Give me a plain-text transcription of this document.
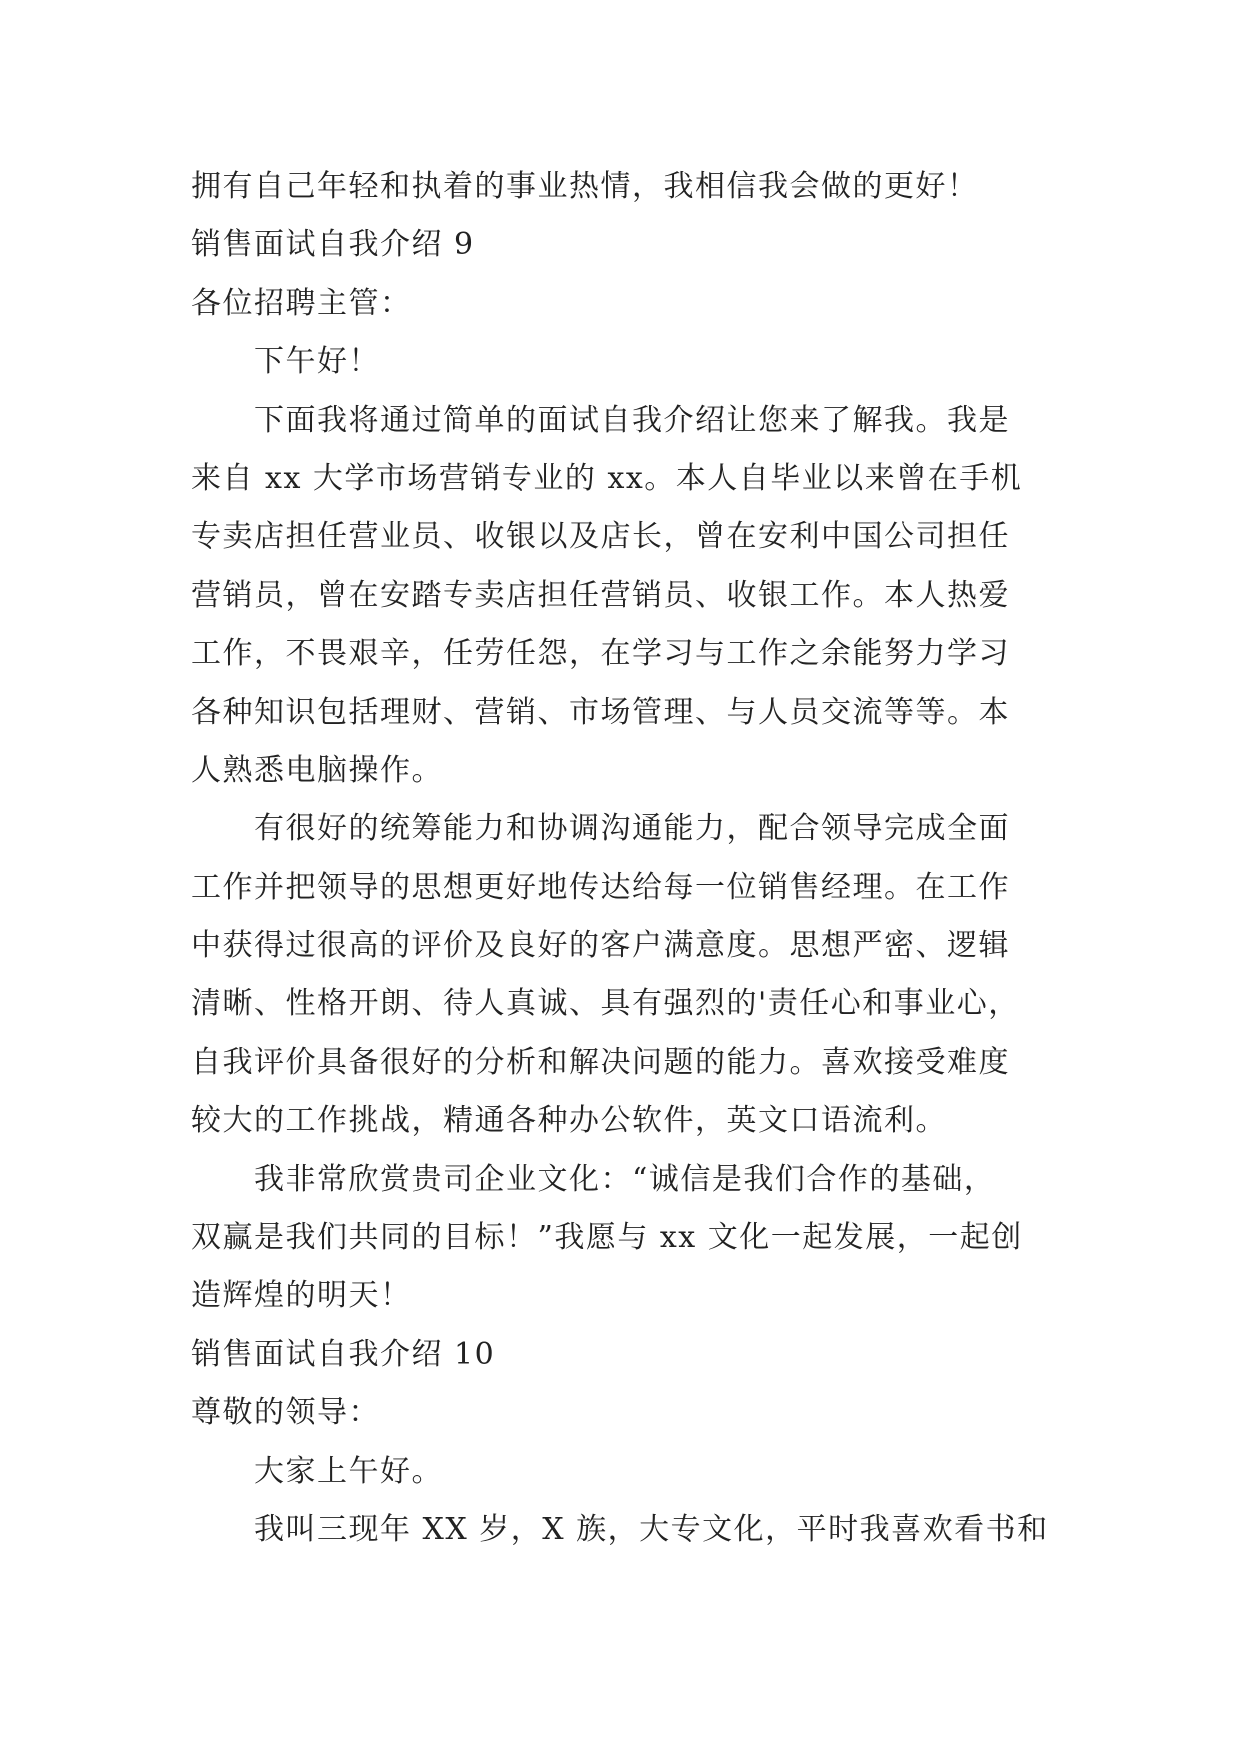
拥有自己年轻和执着的事业热情，我相信我会做的更好！
销售面试自我介绍 9
各位招聘主管：
下午好！
下面我将通过简单的面试自我介绍让您来了解我。我是
来自 xx 大学市场营销专业的 xx。本人自毕业以来曾在手机
专卖店担任营业员、收银以及店长，曾在安利中国公司担任
营销员，曾在安踏专卖店担任营销员、收银工作。本人热爱
工作，不畏艰辛，任劳任怨，在学习与工作之余能努力学习
各种知识包括理财、营销、市场管理、与人员交流等等。本
人熟悉电脑操作。
有很好的统筹能力和协调沟通能力，配合领导完成全面
工作并把领导的思想更好地传达给每一位销售经理。在工作
中获得过很高的评价及良好的客户满意度。思想严密、逻辑
清晰、性格开朗、待人真诚、具有强烈的'责任心和事业心，
自我评价具备很好的分析和解决问题的能力。喜欢接受难度
较大的工作挑战，精通各种办公软件，英文口语流利。
我非常欣赏贵司企业文化：“诚信是我们合作的基础，
双赢是我们共同的目标！”我愿与 xx 文化一起发展，一起创
造辉煌的明天！
销售面试自我介绍 10
尊敬的领导：
大家上午好。
我叫三现年 XX 岁，X 族，大专文化，平时我喜欢看书和
